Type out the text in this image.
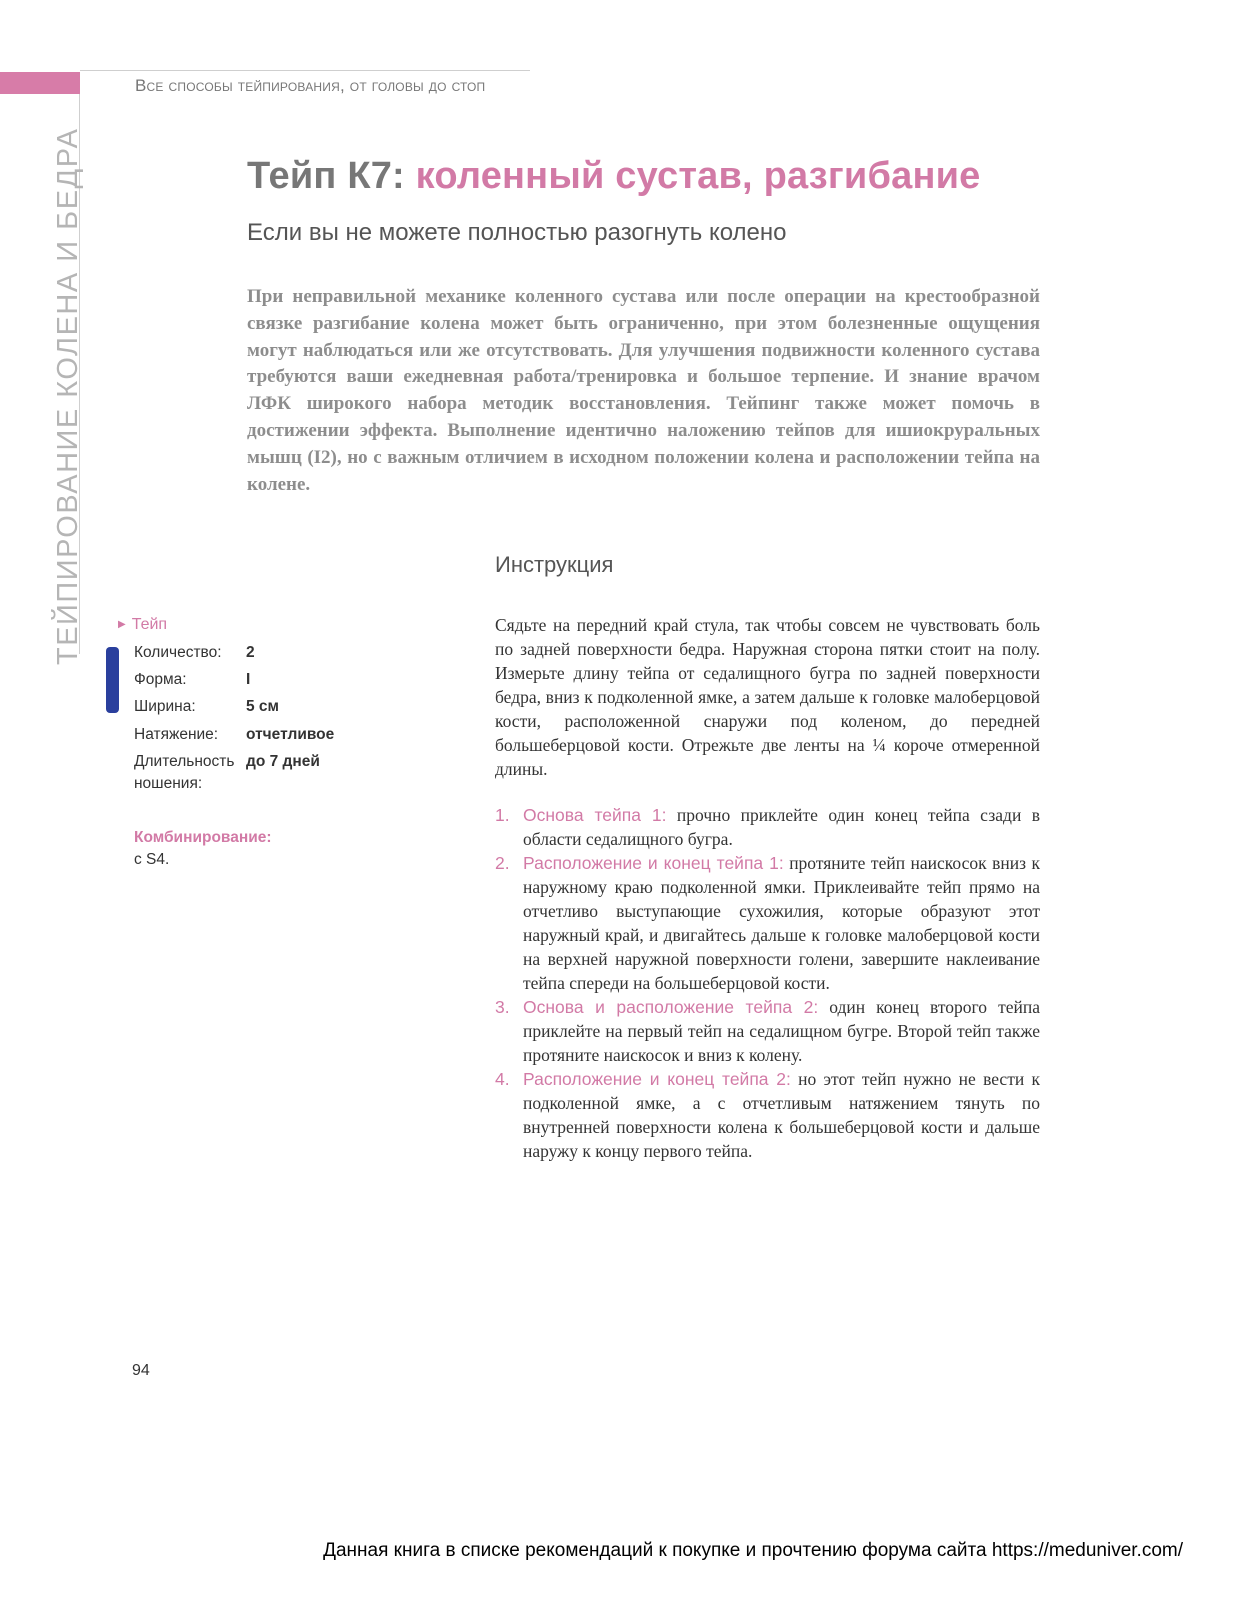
Все способы тейпирования, от головы до стоп
ТЕЙПИРОВАНИЕ КОЛЕНА И БЕДРА	Тейп К7: коленный сустав, разгибание
Если вы не можете полностью разогнуть колено

При неправильной механике коленного сустава или после операции на крестообразной связке разгибание колена может быть ограниченно, при этом болезненные ощущения могут наблюдаться или же отсутствовать. Для улучшения подвижности коленного сустава требуются ваши ежедневная работа/тренировка и большое терпение. И знание врачом ЛФК широкого набора методик восстановления. Тейпинг также может помочь в достижении эффекта. Выполнение идентично наложению тейпов для ишиокруральных мышц (I2), но с важным отличием в исходном положении колена и расположении тейпа на колене.

Инструкция

Сядьте на передний край стула, так чтобы совсем не чувствовать боль по задней поверхности бедра. Наружная сторона пятки стоит на полу. Измерьте длину тейпа от седалищного бугра по задней поверхности бедра, вниз к подколенной ямке, а затем дальше к головке малоберцовой кости, расположенной снаружи под коленом, до передней большеберцовой кости. Отрежьте две ленты на ¼ короче отмеренной длины.

1. Основа тейпа 1: прочно приклейте один конец тейпа сзади в области седалищного бугра.
2. Расположение и конец тейпа 1: протяните тейп наискосок вниз к наружному краю подколенной ямки. Приклеивайте тейп прямо на отчетливо выступающие сухожилия, которые образуют этот наружный край, и двигайтесь дальше к головке малоберцовой кости на верхней наружной поверхности голени, завершите наклеивание тейпа спереди на большеберцовой кости.
3. Основа и расположение тейпа 2: один конец второго тейпа приклейте на первый тейп на седалищном бугре. Второй тейп также протяните наискосок и вниз к колену.
4. Расположение и конец тейпа 2: но этот тейп нужно не вести к подколенной ямке, а с отчетливым натяжением тянуть по внутренней поверхности колена к большеберцовой кости и дальше наружу к концу первого тейпа.
▶ Тейп
Количество:	2
Форма:	I
Ширина:	5 см
Натяжение:	отчетливое
Длительность ношения:
до 7 дней
Комбинирование:
с S4.
94
Данная книга в списке рекомендаций к покупке и прочтению форума сайта https://meduniver.com/
